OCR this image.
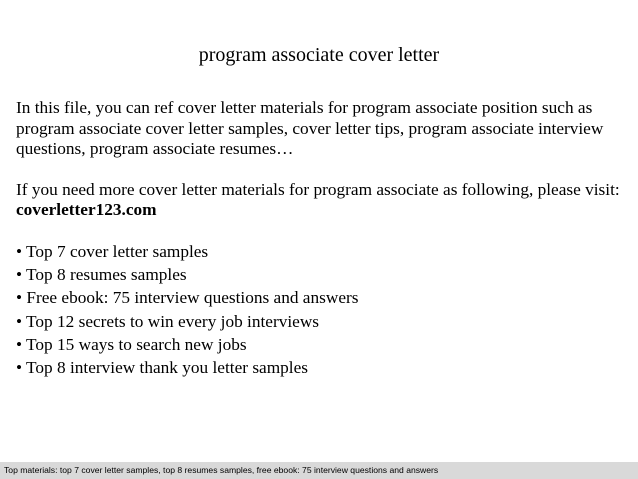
program associate cover letter

In this file, you can ref cover letter materials for program associate position such as program associate cover letter samples, cover letter tips, program associate interview questions, program associate resumes…

If you need more cover letter materials for program associate as following, please visit: coverletter123.com

• Top 7 cover letter samples
• Top 8 resumes samples
• Free ebook: 75 interview questions and answers
• Top 12 secrets to win every job interviews
• Top 15 ways to search new jobs
• Top 8 interview thank you letter samples
Top materials: top 7 cover letter samples, top 8 resumes samples, free ebook: 75 interview questions and answers
